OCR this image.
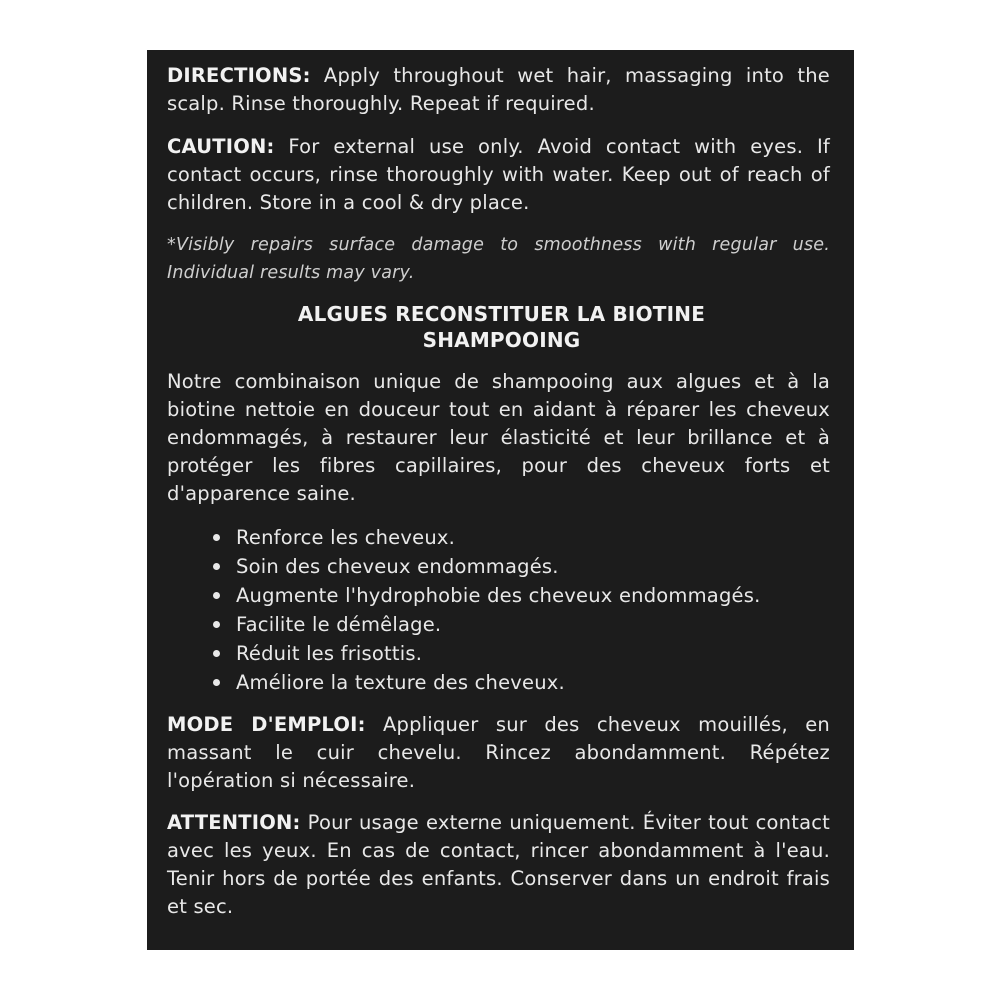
DIRECTIONS: Apply throughout wet hair, massaging into the scalp. Rinse thoroughly. Repeat if required.

CAUTION: For external use only. Avoid contact with eyes. If contact occurs, rinse thoroughly with water. Keep out of reach of children. Store in a cool & dry place.

*Visibly repairs surface damage to smoothness with regular use. Individual results may vary.

ALGUES RECONSTITUER LA BIOTINE
SHAMPOOING

Notre combinaison unique de shampooing aux algues et à la biotine nettoie en douceur tout en aidant à réparer les cheveux endommagés, à restaurer leur élasticité et leur brillance et à protéger les fibres capillaires, pour des cheveux forts et d'apparence saine.

Renforce les cheveux.
Soin des cheveux endommagés.
Augmente l'hydrophobie des cheveux endommagés.
Facilite le démêlage.
Réduit les frisottis.
Améliore la texture des cheveux.

MODE D'EMPLOI: Appliquer sur des cheveux mouillés, en massant le cuir chevelu. Rincez abondamment. Répétez l'opération si nécessaire.

ATTENTION: Pour usage externe uniquement. Éviter tout contact avec les yeux. En cas de contact, rincer abondamment à l'eau. Tenir hors de portée des enfants. Conserver dans un endroit frais et sec.
